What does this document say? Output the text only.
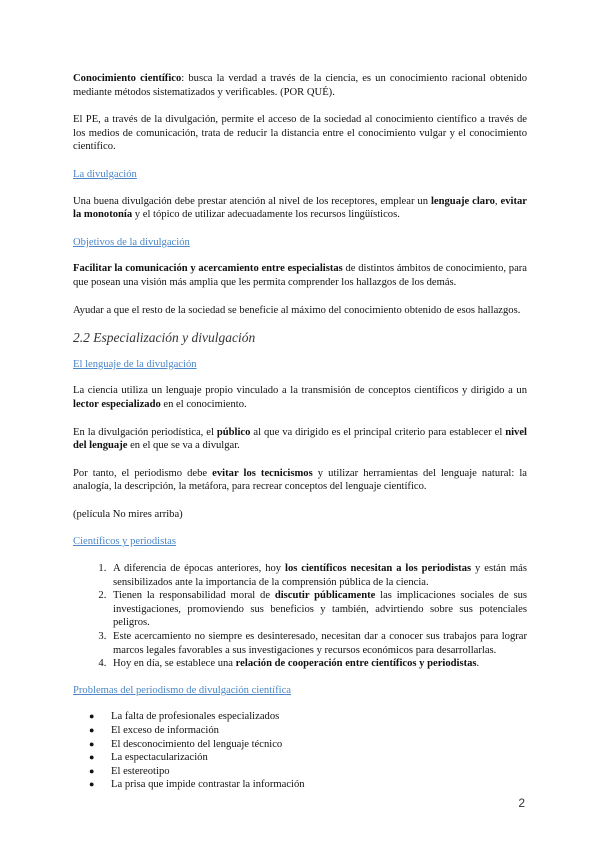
Conocimiento científico: busca la verdad a través de la ciencia, es un conocimiento racional obtenido mediante métodos sistematizados y verificables. (POR QUÉ).

El PE, a través de la divulgación, permite el acceso de la sociedad al conocimiento científico a través de los medios de comunicación, trata de reducir la distancia entre el conocimiento vulgar y el conocimiento científico.

La divulgación

Una buena divulgación debe prestar atención al nivel de los receptores, emplear un lenguaje claro, evitar la monotonía y el tópico de utilizar adecuadamente los recursos lingüísticos.

Objetivos de la divulgación

Facilitar la comunicación y acercamiento entre especialistas de distintos ámbitos de conocimiento, para que posean una visión más amplia que les permita comprender los hallazgos de los demás.

Ayudar a que el resto de la sociedad se beneficie al máximo del conocimiento obtenido de esos hallazgos.

2.2 Especialización y divulgación
El lenguaje de la divulgación

La ciencia utiliza un lenguaje propio vinculado a la transmisión de conceptos científicos y dirigido a un lector especializado en el conocimiento.

En la divulgación periodística, el público al que va dirigido es el principal criterio para establecer el nivel del lenguaje en el que se va a divulgar.

Por tanto, el periodismo debe evitar los tecnicismos y utilizar herramientas del lenguaje natural: la analogía, la descripción, la metáfora, para recrear conceptos del lenguaje científico.

(película No mires arriba)

Científicos y periodistas
1. A diferencia de épocas anteriores, hoy los científicos necesitan a los periodistas y están más sensibilizados ante la importancia de la comprensión pública de la ciencia.
2. Tienen la responsabilidad moral de discutir públicamente las implicaciones sociales de sus investigaciones, promoviendo sus beneficios y también, advirtiendo sobre sus potenciales peligros.
3. Este acercamiento no siempre es desinteresado, necesitan dar a conocer sus trabajos para lograr marcos legales favorables a sus investigaciones y recursos económicos para desarrollarlas.
4. Hoy en día, se establece una relación de cooperación entre científicos y periodistas.
Problemas del periodismo de divulgación científica
● La falta de profesionales especializados
● El exceso de información
● El desconocimiento del lenguaje técnico
● La espectacularización
● El estereotipo
● La prisa que impide contrastar la información
2
